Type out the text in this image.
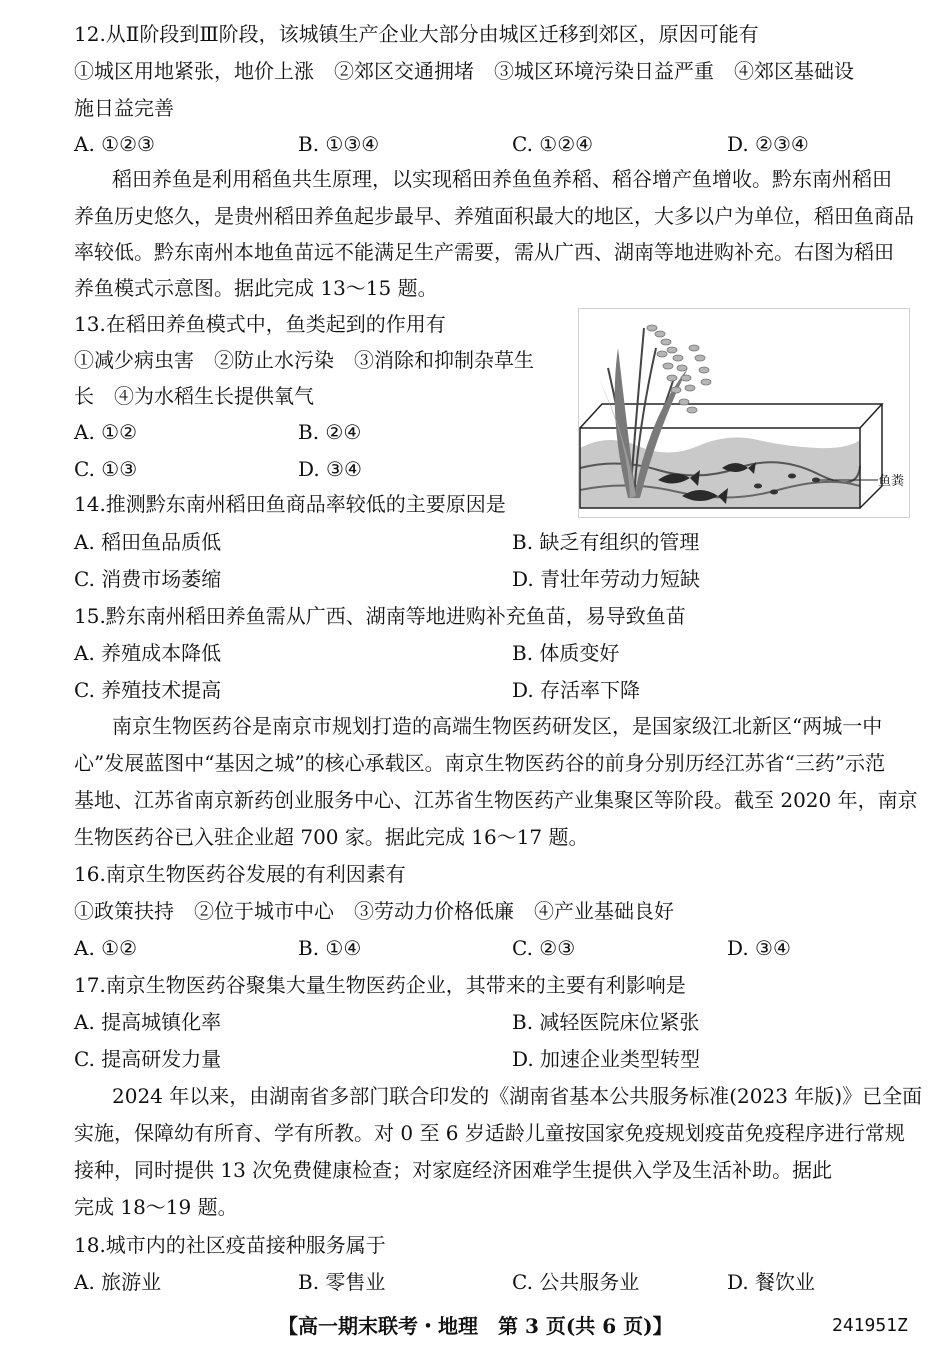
12.从Ⅱ阶段到Ⅲ阶段，该城镇生产企业大部分由城区迁移到郊区，原因可能有
①城区用地紧张，地价上涨　②郊区交通拥堵　③城区环境污染日益严重　④郊区基础设
施日益完善
A. ①②③	B. ①③④	C. ①②④	D. ②③④
稻田养鱼是利用稻鱼共生原理，以实现稻田养鱼鱼养稻、稻谷增产鱼增收。黔东南州稻田
养鱼历史悠久，是贵州稻田养鱼起步最早、养殖面积最大的地区，大多以户为单位，稻田鱼商品
率较低。黔东南州本地鱼苗远不能满足生产需要，需从广西、湖南等地进购补充。右图为稻田
养鱼模式示意图。据此完成 13～15 题。
13.在稻田养鱼模式中，鱼类起到的作用有
①减少病虫害　②防止水污染　③消除和抑制杂草生
长　④为水稻生长提供氧气
A. ①②	B. ②④
C. ①③	D. ③④
鱼粪
14.推测黔东南州稻田鱼商品率较低的主要原因是
A. 稻田鱼品质低	B. 缺乏有组织的管理
C. 消费市场萎缩	D. 青壮年劳动力短缺
15.黔东南州稻田养鱼需从广西、湖南等地进购补充鱼苗，易导致鱼苗
A. 养殖成本降低	B. 体质变好
C. 养殖技术提高	D. 存活率下降
南京生物医药谷是南京市规划打造的高端生物医药研发区，是国家级江北新区“两城一中
心”发展蓝图中“基因之城”的核心承载区。南京生物医药谷的前身分别历经江苏省“三药”示范
基地、江苏省南京新药创业服务中心、江苏省生物医药产业集聚区等阶段。截至 2020 年，南京
生物医药谷已入驻企业超 700 家。据此完成 16～17 题。
16.南京生物医药谷发展的有利因素有
①政策扶持　②位于城市中心　③劳动力价格低廉　④产业基础良好
A. ①②	B. ①④	C. ②③	D. ③④
17.南京生物医药谷聚集大量生物医药企业，其带来的主要有利影响是
A. 提高城镇化率	B. 减轻医院床位紧张
C. 提高研发力量	D. 加速企业类型转型
2024 年以来，由湖南省多部门联合印发的《湖南省基本公共服务标准(2023 年版)》已全面
实施，保障幼有所育、学有所教。对 0 至 6 岁适龄儿童按国家免疫规划疫苗免疫程序进行常规
接种，同时提供 13 次免费健康检查；对家庭经济困难学生提供入学及生活补助。据此
完成 18～19 题。
18.城市内的社区疫苗接种服务属于
A. 旅游业	B. 零售业	C. 公共服务业	D. 餐饮业
【高一期末联考・地理　第 3 页(共 6 页)】	241951Z
